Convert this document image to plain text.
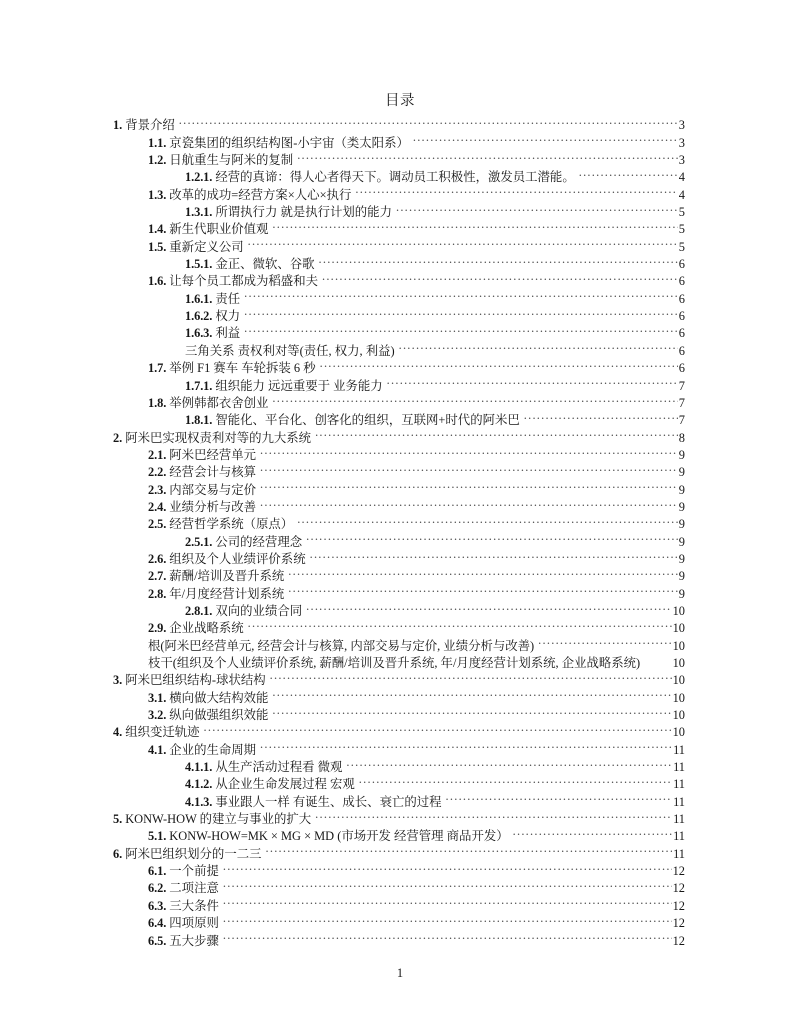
目录
1. 背景介绍 .....	3
1.1. 京瓷集团的组织结构图-小宇宙（类太阳系） .....	3
1.2. 日航重生与阿米的复制 .....	3
1.2.1. 经营的真谛：得人心者得天下。调动员工积极性，激发员工潜能。 .....	4
1.3. 改革的成功=经营方案×人心×执行 .....	4
1.3.1. 所谓执行力 就是执行计划的能力 .....	5
1.4. 新生代职业价值观 .....	5
1.5. 重新定义公司 .....	5
1.5.1. 金正、微软、谷歌 .....	6
1.6. 让每个员工都成为稻盛和夫 .....	6
1.6.1. 责任 .....	6
1.6.2. 权力 .....	6
1.6.3. 利益 .....	6
三角关系 责权利对等(责任, 权力, 利益) .....	6
1.7. 举例 F1 赛车 车轮拆装 6 秒 .....	6
1.7.1. 组织能力 远远重要于 业务能力 .....	7
1.8. 举例韩都衣舍创业 .....	7
1.8.1. 智能化、平台化、创客化的组织，互联网+时代的阿米巴 .....	7
2. 阿米巴实现权责利对等的九大系统 .....	8
2.1. 阿米巴经营单元 .....	9
2.2. 经营会计与核算 .....	9
2.3. 内部交易与定价 .....	9
2.4. 业绩分析与改善 .....	9
2.5. 经营哲学系统（原点） .....	9
2.5.1. 公司的经营理念 .....	9
2.6. 组织及个人业绩评价系统 .....	9
2.7. 薪酬/培训及晋升系统 .....	9
2.8. 年/月度经营计划系统 .....	9
2.8.1. 双向的业绩合同 .....	10
2.9. 企业战略系统 .....	10
根(阿米巴经营单元, 经营会计与核算, 内部交易与定价, 业绩分析与改善) .....	10
枝干(组织及个人业绩评价系统, 薪酬/培训及晋升系统, 年/月度经营计划系统, 企业战略系统)	10
3. 阿米巴组织结构-球状结构 .....	10
3.1. 横向做大结构效能 .....	10
3.2. 纵向做强组织效能 .....	10
4. 组织变迁轨迹 .....	10
4.1. 企业的生命周期 .....	11
4.1.1. 从生产活动过程看 微观 .....	11
4.1.2. 从企业生命发展过程 宏观 .....	11
4.1.3. 事业跟人一样 有诞生、成长、衰亡的过程 .....	11
5. KONW-HOW 的建立与事业的扩大 .....	11
5.1. KONW-HOW=MK × MG × MD (市场开发 经营管理 商品开发） .....	11
6. 阿米巴组织划分的一二三 .....	11
6.1. 一个前提 .....	12
6.2. 二项注意 .....	12
6.3. 三大条件 .....	12
6.4. 四项原则 .....	12
6.5. 五大步骤 .....	12
1
